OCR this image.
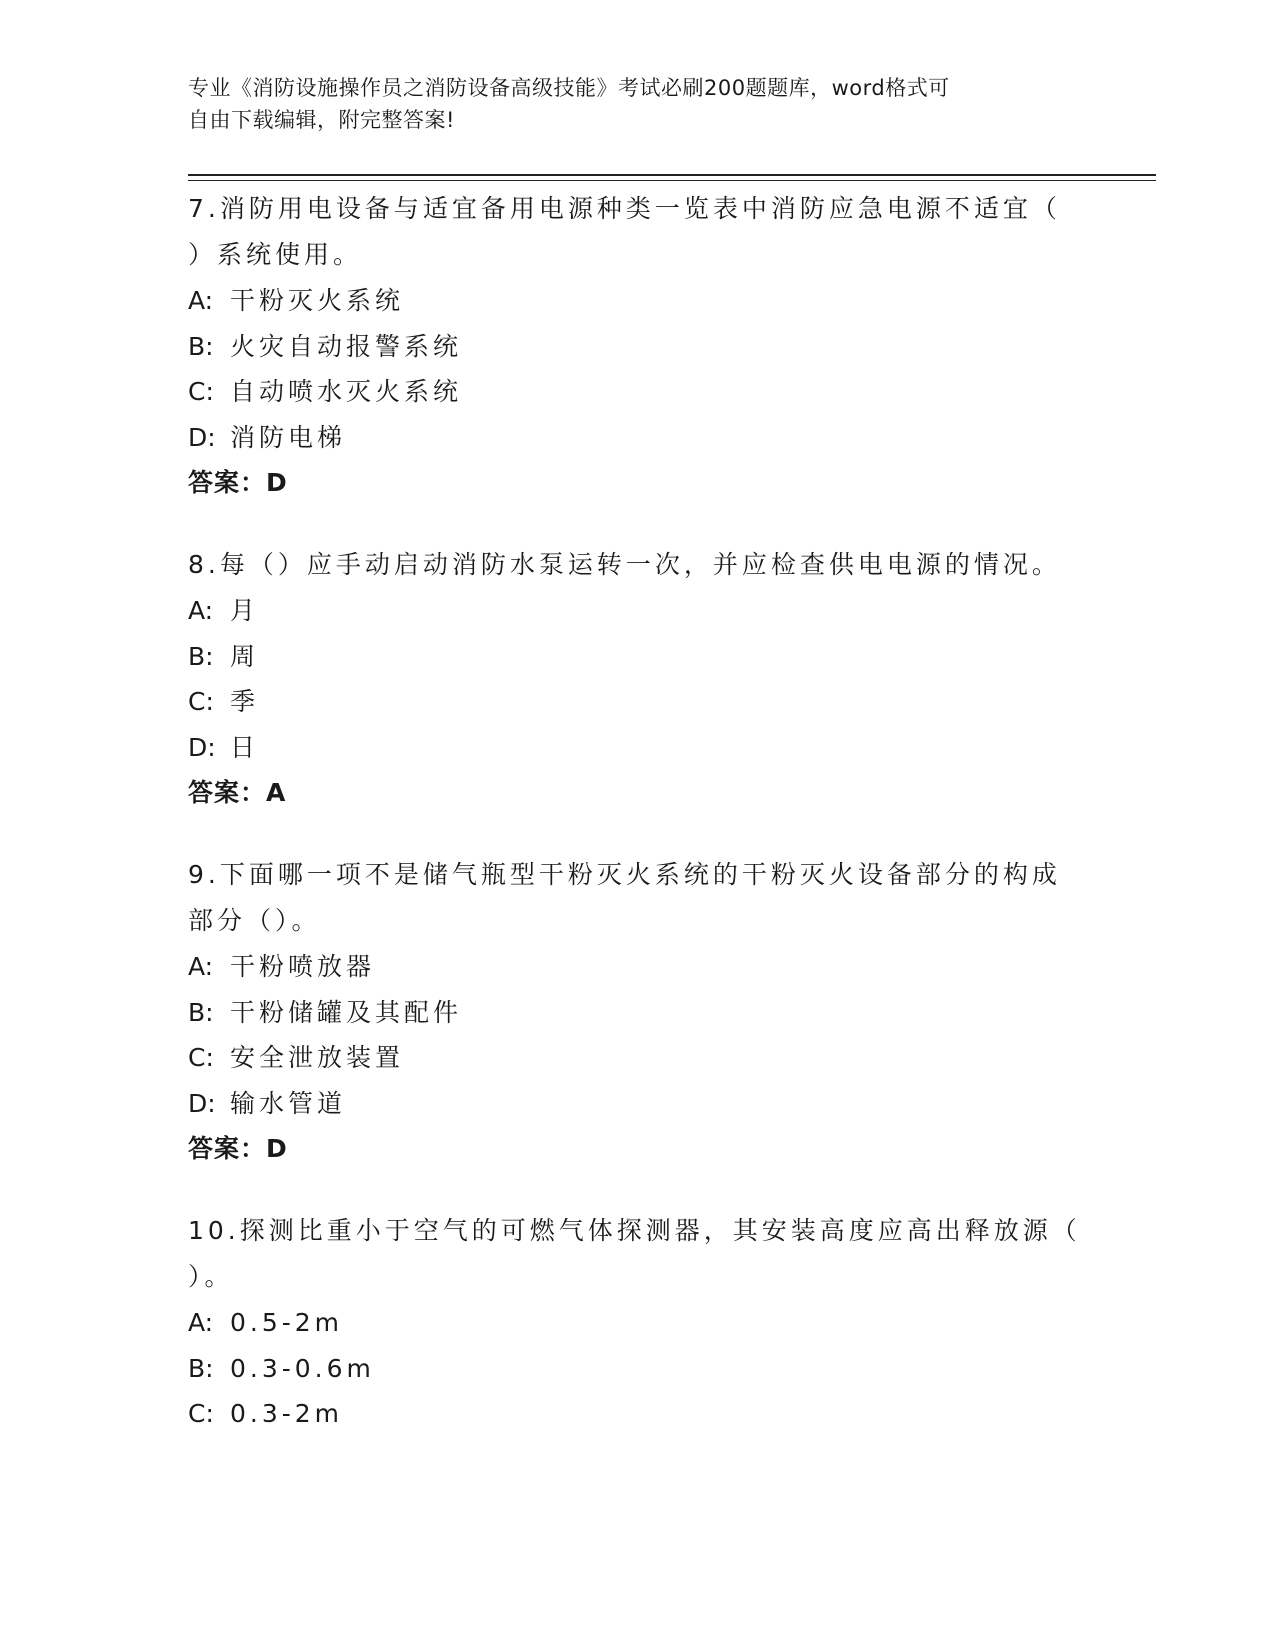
专业《消防设施操作员之消防设备高级技能》考试必刷200题题库，word格式可
自由下载编辑，附完整答案!
7.消防用电设备与适宜备用电源种类一览表中消防应急电源不适宜（
）系统使用。
A: 干粉灭火系统
B: 火灾自动报警系统
C: 自动喷水灭火系统
D: 消防电梯
答案：D
8.每（）应手动启动消防水泵运转一次，并应检查供电电源的情况。
A: 月
B: 周
C: 季
D: 日
答案：A
9.下面哪一项不是储气瓶型干粉灭火系统的干粉灭火设备部分的构成
部分（）。
A: 干粉喷放器
B: 干粉储罐及其配件
C: 安全泄放装置
D: 输水管道
答案：D
10.探测比重小于空气的可燃气体探测器，其安装高度应高出释放源（
）。
A: 0.5-2m
B: 0.3-0.6m
C: 0.3-2m
